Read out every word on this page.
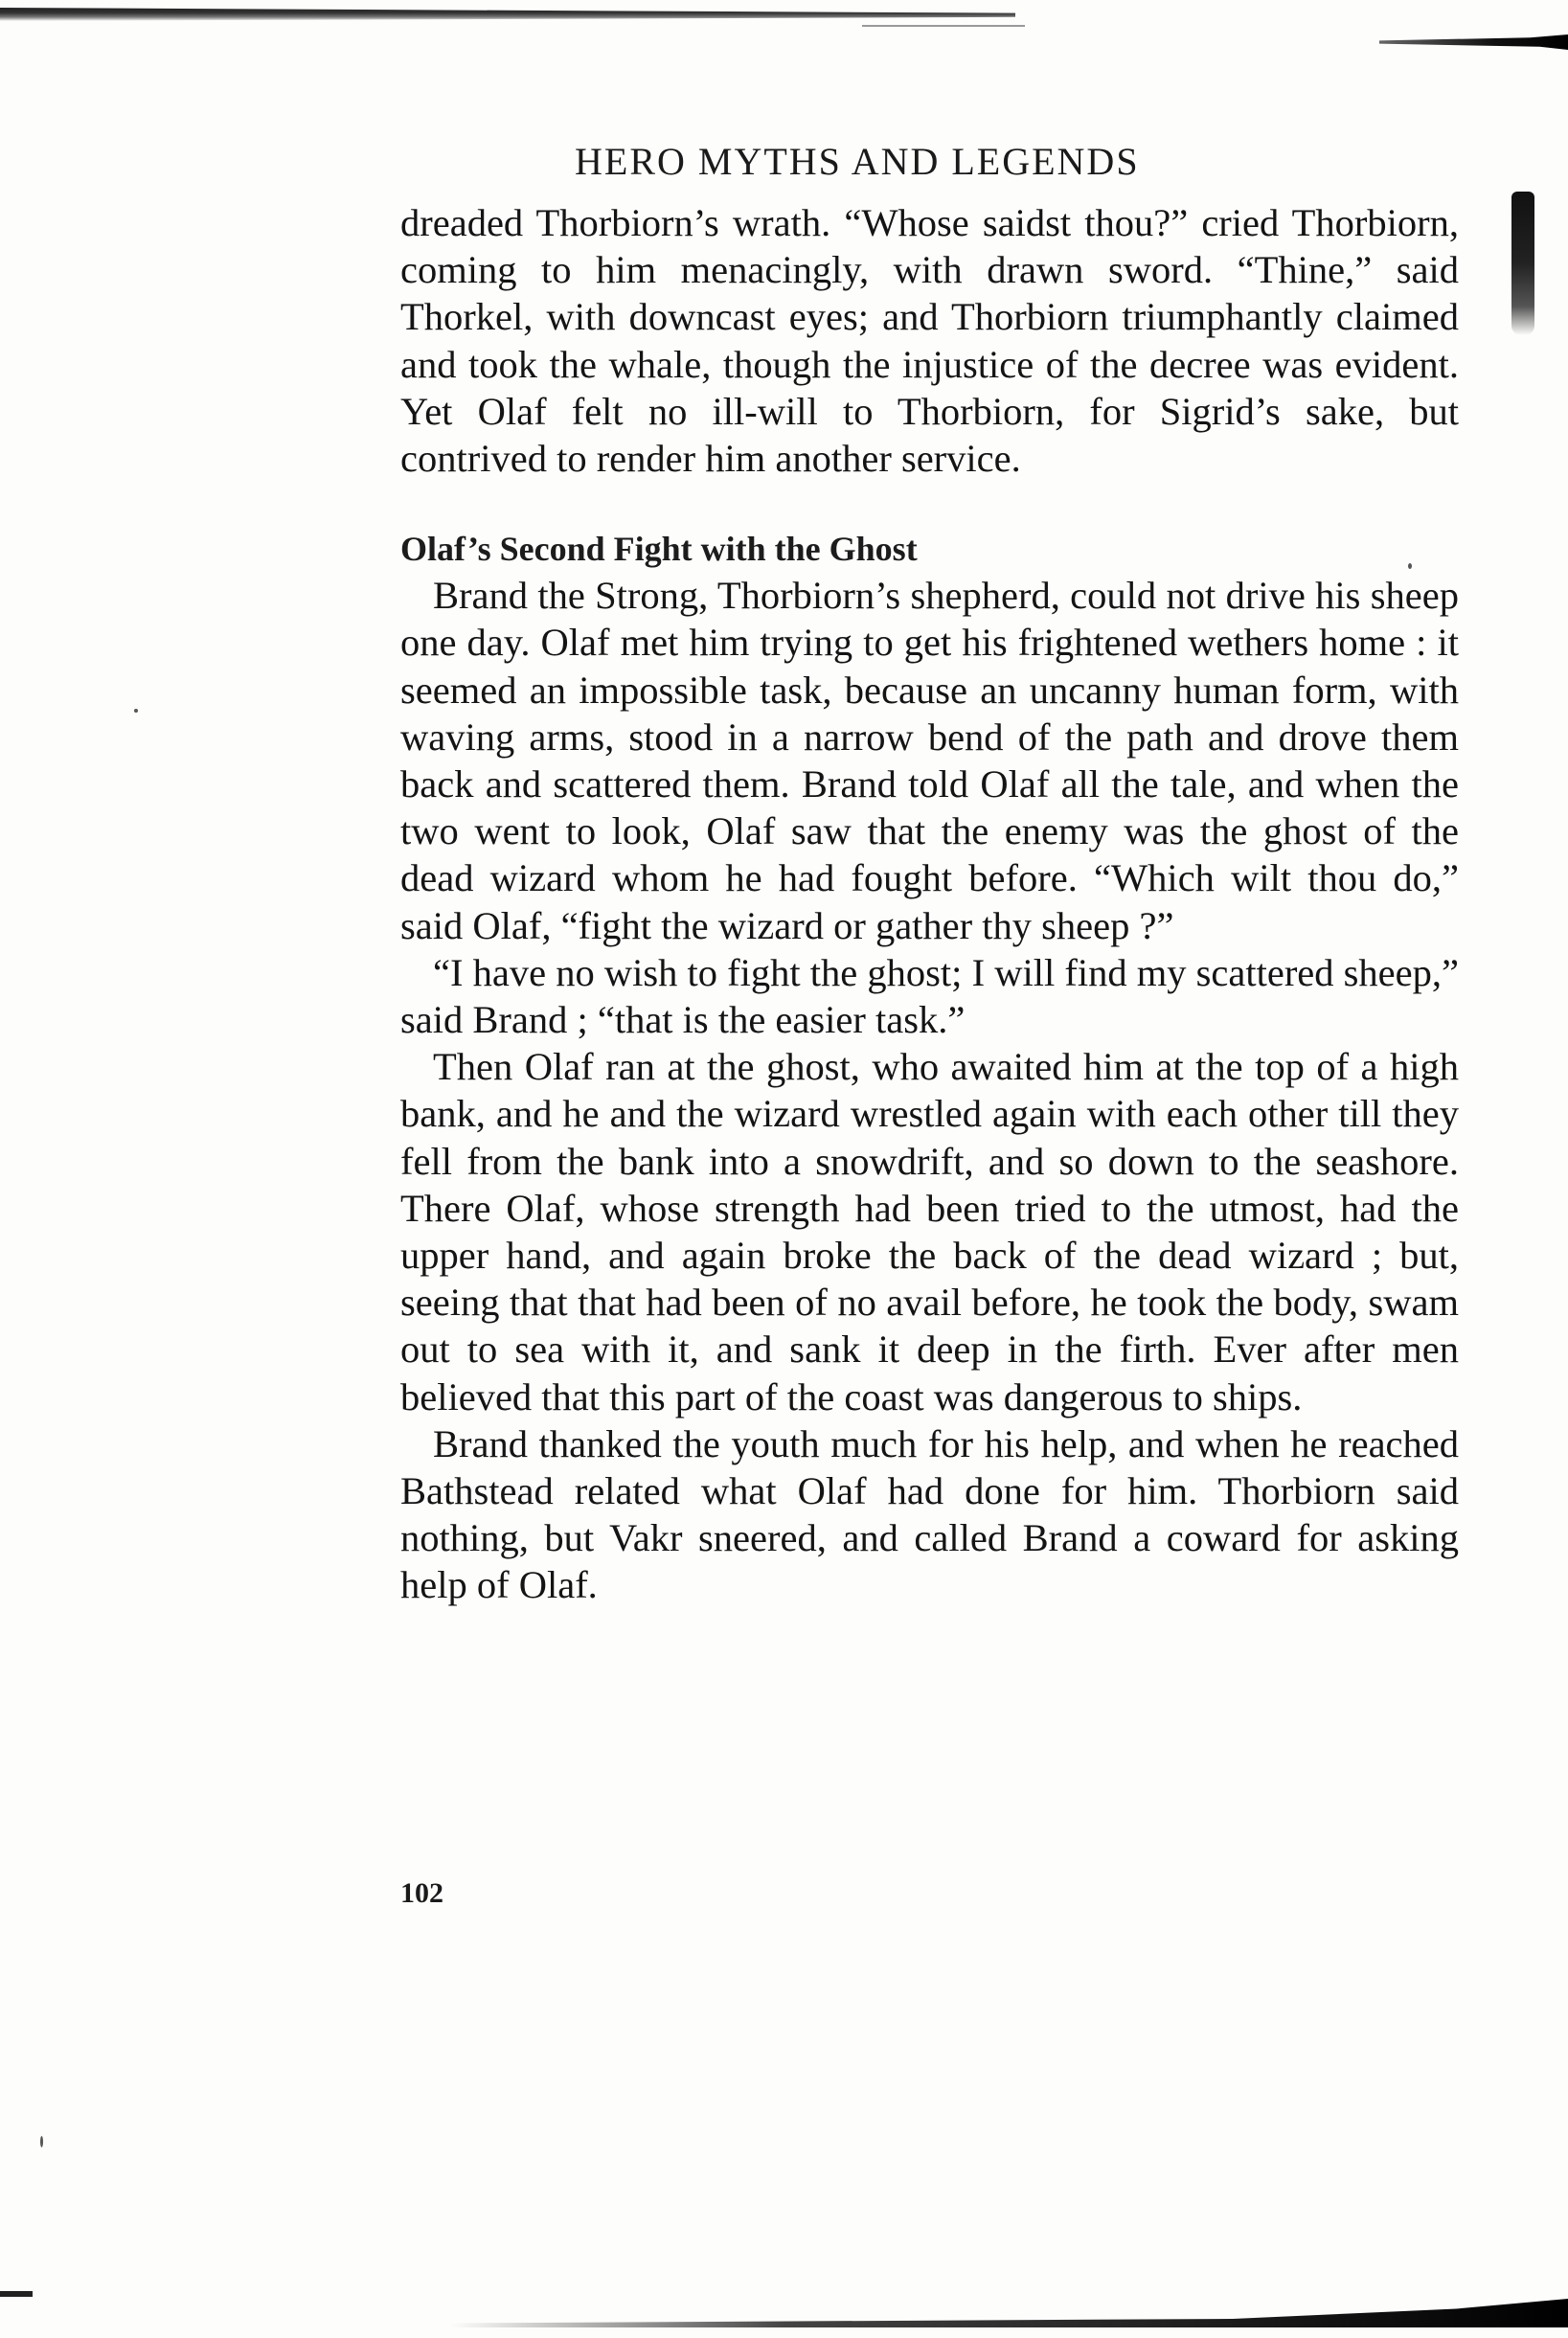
HERO MYTHS AND LEGENDS

dreaded Thorbiorn’s wrath. “Whose saidst thou?” cried Thorbiorn, coming to him menacingly, with drawn sword. “Thine,” said Thorkel, with downcast eyes; and Thorbiorn triumphantly claimed and took the whale, though the injustice of the decree was evident. Yet Olaf felt no ill-will to Thorbiorn, for Sigrid’s sake, but contrived to render him another service.

Olaf’s Second Fight with the Ghost

Brand the Strong, Thorbiorn’s shepherd, could not drive his sheep one day. Olaf met him trying to get his frightened wethers home : it seemed an impossible task, because an uncanny human form, with waving arms, stood in a narrow bend of the path and drove them back and scattered them. Brand told Olaf all the tale, and when the two went to look, Olaf saw that the enemy was the ghost of the dead wizard whom he had fought before. “Which wilt thou do,” said Olaf, “fight the wizard or gather thy sheep ?”

“I have no wish to fight the ghost; I will find my scattered sheep,” said Brand ; “that is the easier task.”

Then Olaf ran at the ghost, who awaited him at the top of a high bank, and he and the wizard wrestled again with each other till they fell from the bank into a snowdrift, and so down to the seashore. There Olaf, whose strength had been tried to the utmost, had the upper hand, and again broke the back of the dead wizard ; but, seeing that that had been of no avail before, he took the body, swam out to sea with it, and sank it deep in the firth. Ever after men believed that this part of the coast was dangerous to ships.

Brand thanked the youth much for his help, and when he reached Bathstead related what Olaf had done for him. Thorbiorn said nothing, but Vakr sneered, and called Brand a coward for asking help of Olaf.

102
